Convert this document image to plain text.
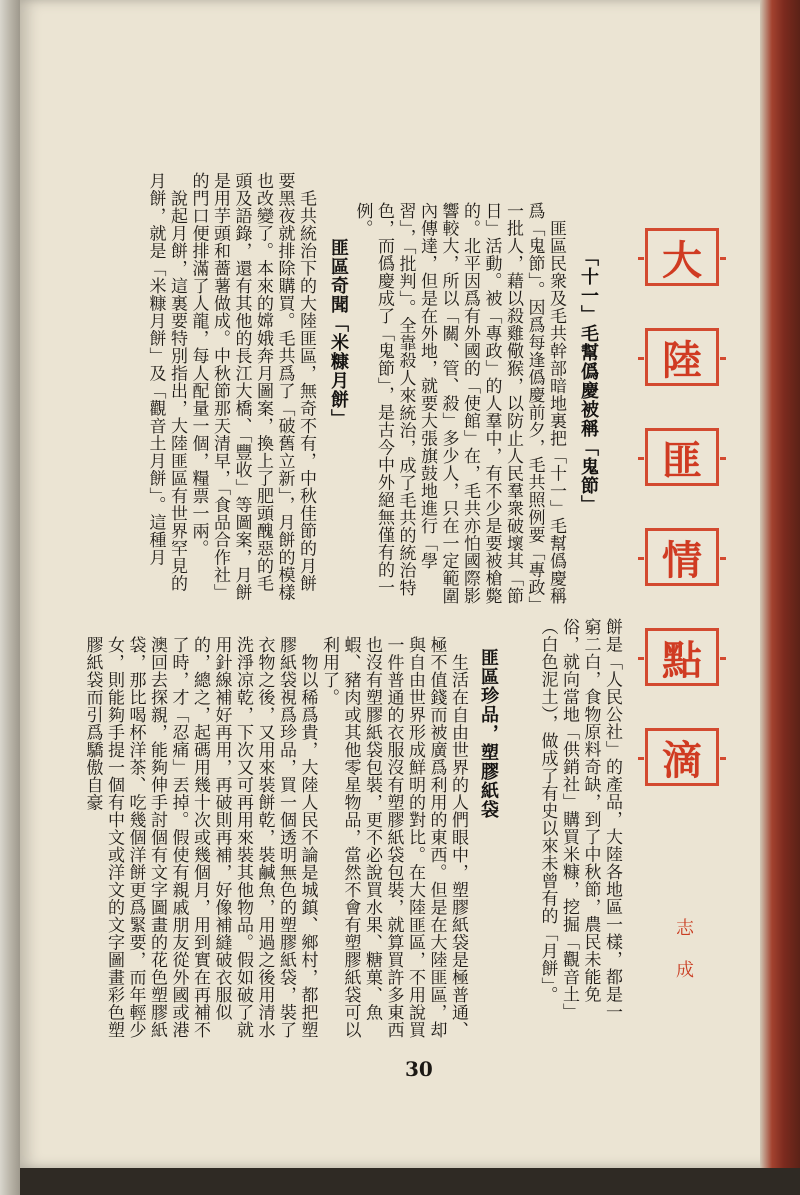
大
陸
匪
情
點
滴
志成
「十一」毛幫僞慶被稱「鬼節」
　匪區民衆及毛共幹部暗地裏把「十一」毛幫僞慶稱爲「鬼節」。因爲每逢僞慶前夕，毛共照例要「專政」一批人，藉以殺雞儆猴，以防止人民羣衆破壞其「節日」活動。被「專政」的人羣中，有不少是要被槍斃的。北平因爲有外國的「使館」在，毛共亦怕國際影響較大，所以「關、管、殺」多少人，只在一定範圍內傳達，但是在外地，就要大張旗鼓地進行「學習」，「批判」。全靠殺人來統治，成了毛共的統治特色，而僞慶成了「鬼節」，是古今中外絕無僅有的一例。
匪區奇聞「米糠月餅」
　毛共統治下的大陸匪區，無奇不有，中秋佳節的月餅要黑夜就排除購買。毛共爲了「破舊立新」，月餅的模樣也改變了。本來的嫦娥奔月圖案，換上了肥頭醜惡的毛頭及語錄，還有其他的長江大橋、「豐收」等圖案，月餅是用芋頭和薔薯做成。中秋節那天清早，「食品合作社」的門口便排滿了人龍，每人配量一個，糧票一兩。
　說起月餅，這裏要特別指出，大陸匪區有世界罕見的月餅，就是「米糠月餅」及「觀音土月餅」。這種月
餅是「人民公社」的產品，大陸各地區一樣，都是一窮二白，食物原料奇缺，到了中秋節，農民未能免俗，就向當地「供銷社」購買米糠，挖掘「觀音土」（白色泥土），做成了有史以來未曾有的「月餅」。
匪區珍品，塑膠紙袋
　生活在自由世界的人們眼中，塑膠紙袋是極普通、極不值錢而被廣爲利用的東西。但是在大陸匪區，却與自由世界形成鮮明的對比。在大陸匪區，不用說買一件普通的衣服沒有塑膠紙袋包裝，就算買許多東西也沒有塑膠紙袋包裝，更不必說買水果、糖菓、魚蝦、豬肉或其他零星物品，當然不會有塑膠紙袋可以利用了。
　物以稀爲貴，大陸人民不論是城鎮、鄉村，都把塑膠紙袋視爲珍品，買一個透明無色的塑膠紙袋，裝了衣物之後，又用來裝餅乾，裝鹹魚，用過之後用清水洗淨凉乾，下次又可再用來裝其他物品。假如破了就用針線補好再用，再破則再補，好像補縫破衣服似的，總之，起碼用幾十次或幾個月，用到實在再補不了時，才「忍痛」丟掉。假使有親戚朋友從外國或港澳回去探親，能夠伸手討個有文字圖畫的花色塑膠紙袋，那比喝杯洋茶、吃幾個洋餅更爲緊要，而年輕少女，則能夠手提一個有中文或洋文的文字圖畫彩色塑膠紙袋而引爲驕傲自豪
30
